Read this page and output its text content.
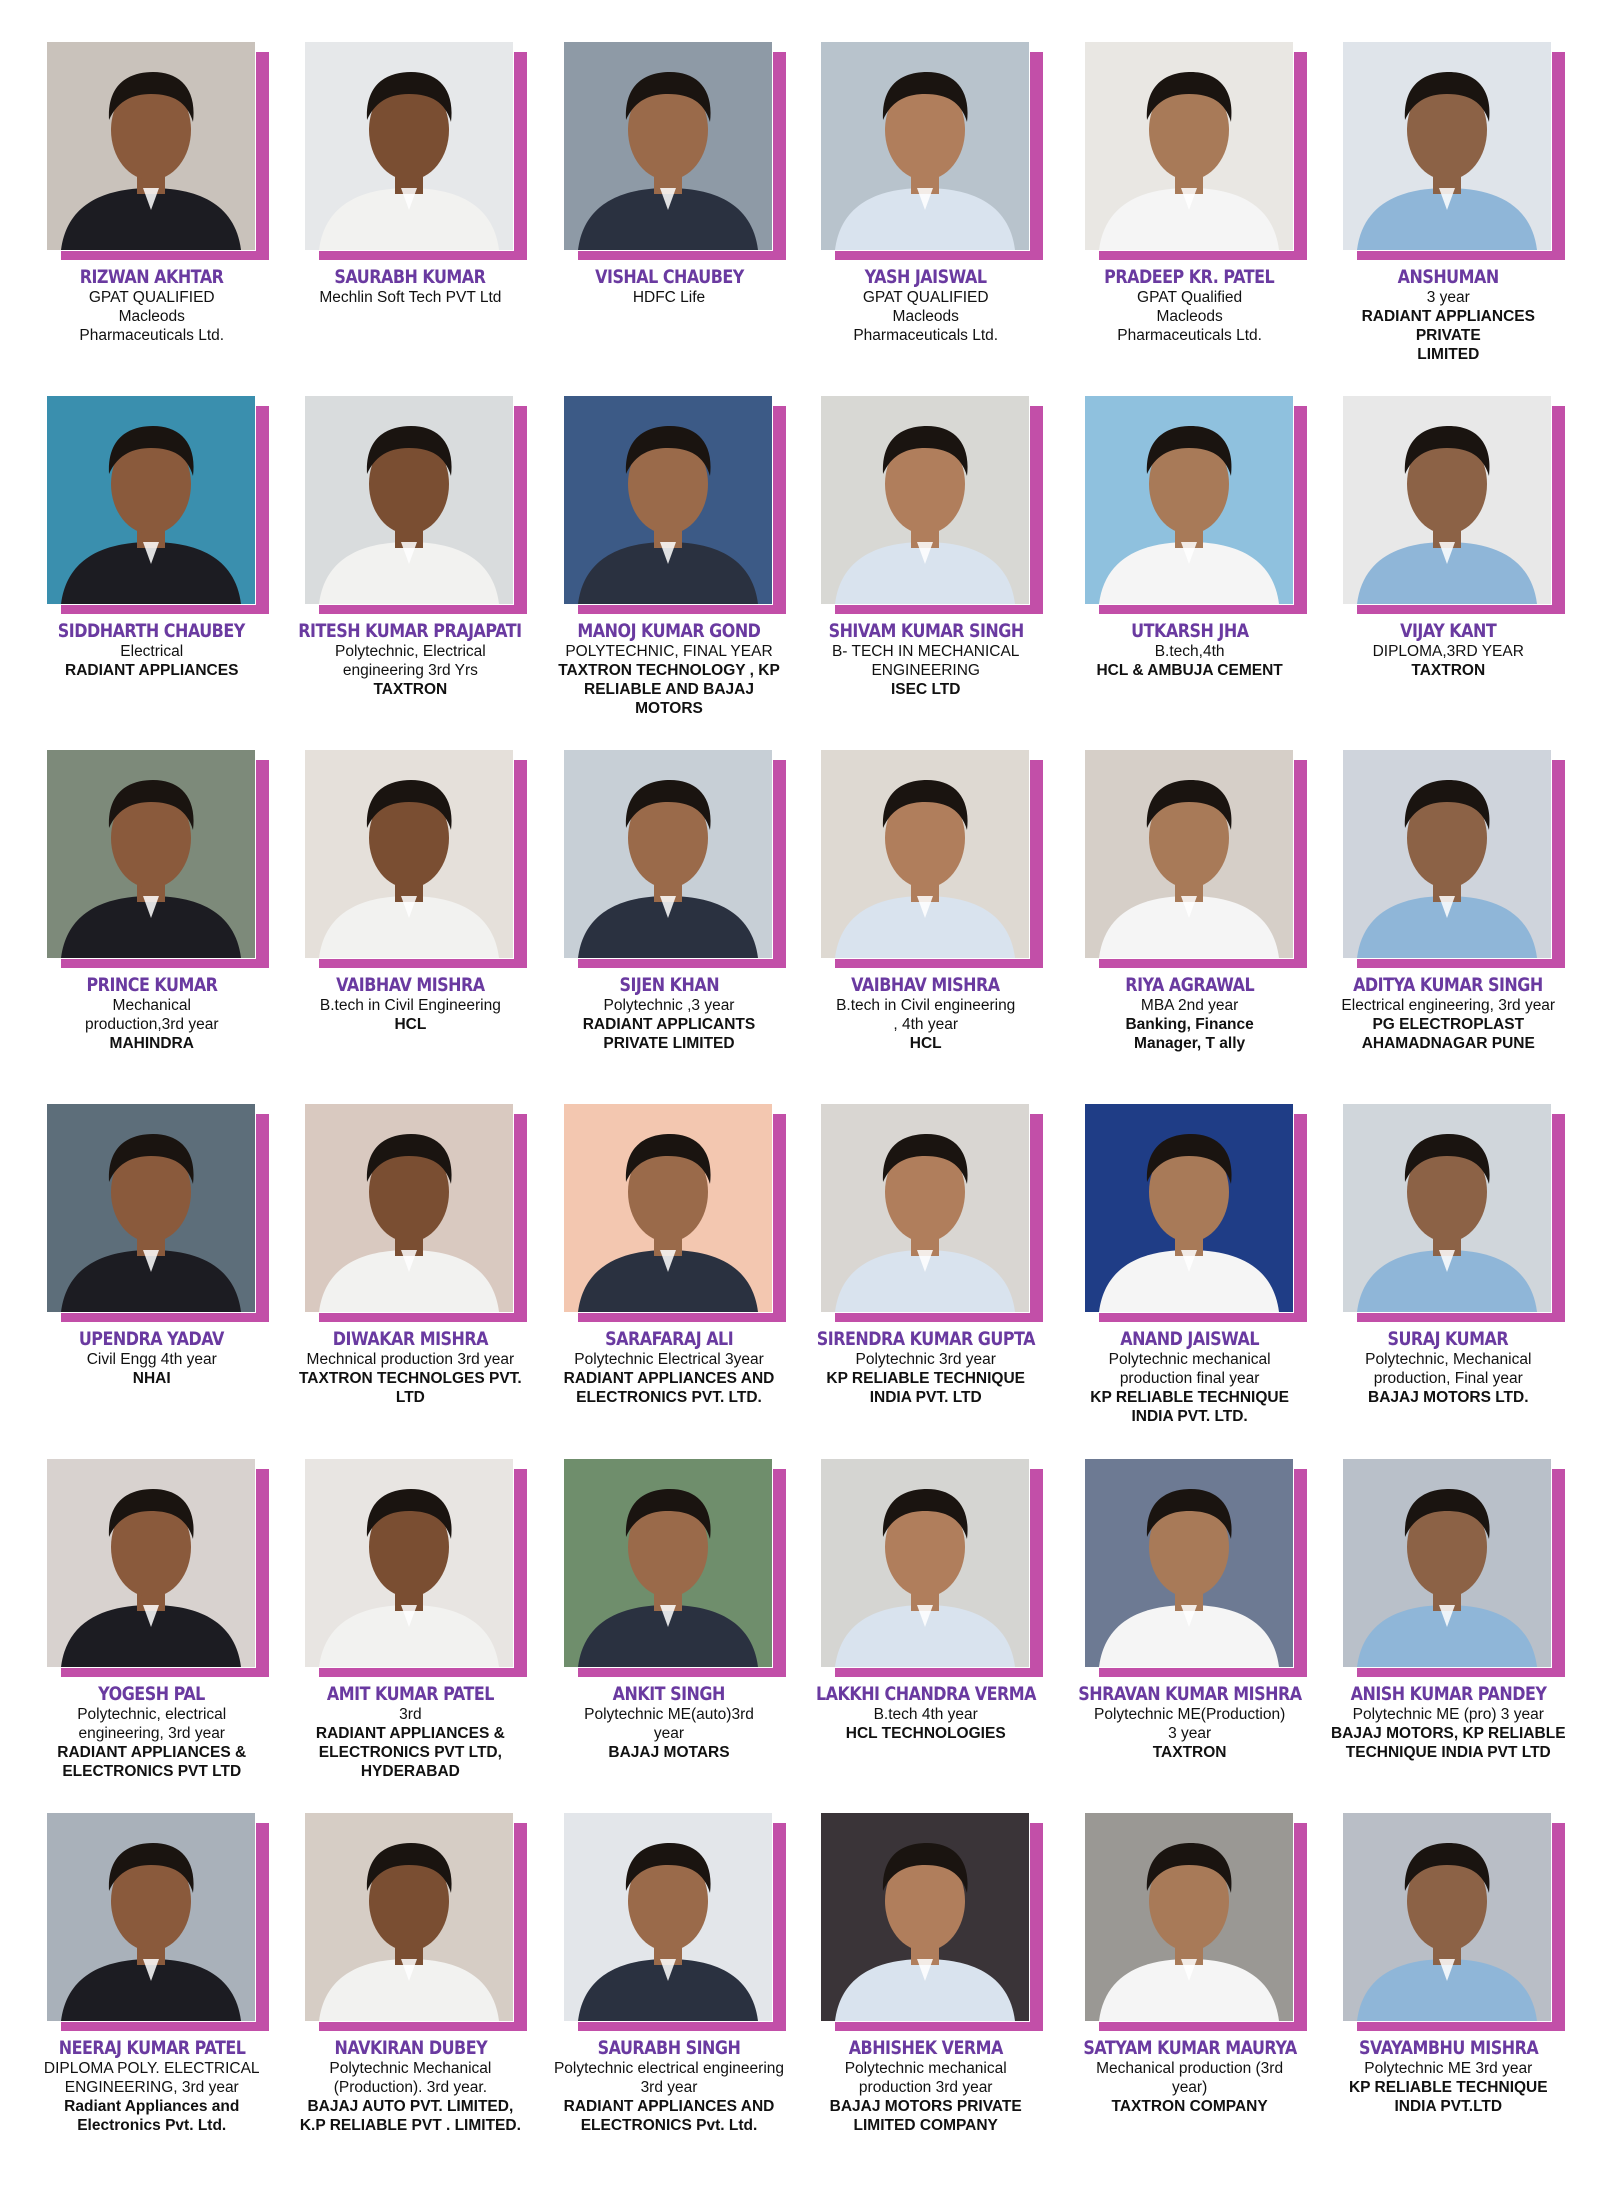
RIZWAN AKHTAR
GPAT QUALIFIED
Macleods
Pharmaceuticals Ltd.
SAURABH KUMAR
Mechlin Soft Tech PVT Ltd
VISHAL CHAUBEY
HDFC Life
YASH JAISWAL
GPAT QUALIFIED
Macleods
Pharmaceuticals Ltd.
PRADEEP KR. PATEL
GPAT Qualified
Macleods
Pharmaceuticals Ltd.
ANSHUMAN
3 year
RADIANT APPLIANCES PRIVATE
LIMITED
SIDDHARTH CHAUBEY
Electrical
RADIANT APPLIANCES
RITESH KUMAR PRAJAPATI
Polytechnic, Electrical
engineering 3rd Yrs
TAXTRON
MANOJ KUMAR GOND
POLYTECHNIC, FINAL YEAR
TAXTRON TECHNOLOGY , KP
RELIABLE AND BAJAJ MOTORS
SHIVAM KUMAR SINGH
B- TECH IN MECHANICAL
ENGINEERING
ISEC LTD
UTKARSH JHA
B.tech,4th
HCL & AMBUJA CEMENT
VIJAY KANT
DIPLOMA,3RD YEAR
TAXTRON
PRINCE KUMAR
Mechanical
production,3rd year
MAHINDRA
VAIBHAV MISHRA
B.tech in Civil Engineering
HCL
SIJEN KHAN
Polytechnic ,3 year
RADIANT APPLICANTS
PRIVATE LIMITED
VAIBHAV MISHRA
B.tech in Civil engineering
, 4th year
HCL
RIYA AGRAWAL
MBA 2nd year
Banking, Finance
Manager, T ally
ADITYA KUMAR SINGH
Electrical engineering, 3rd year
PG ELECTROPLAST
AHAMADNAGAR PUNE
UPENDRA YADAV
Civil Engg 4th year
NHAI
DIWAKAR MISHRA
Mechnical production 3rd year
TAXTRON TECHNOLGES PVT.
LTD
SARAFARAJ ALI
Polytechnic Electrical 3year
RADIANT APPLIANCES AND
ELECTRONICS PVT. LTD.
SIRENDRA KUMAR GUPTA
Polytechnic 3rd year
KP RELIABLE TECHNIQUE
INDIA PVT. LTD
ANAND JAISWAL
Polytechnic mechanical
production final year
KP RELIABLE TECHNIQUE
INDIA PVT. LTD.
SURAJ KUMAR
Polytechnic, Mechanical
production, Final year
BAJAJ MOTORS LTD.
YOGESH PAL
Polytechnic, electrical
engineering, 3rd year
RADIANT APPLIANCES &
ELECTRONICS PVT LTD
AMIT KUMAR PATEL
3rd
RADIANT APPLIANCES &
ELECTRONICS PVT LTD,
HYDERABAD
ANKIT SINGH
Polytechnic ME(auto)3rd
year
BAJAJ MOTARS
LAKKHI CHANDRA VERMA
B.tech 4th year
HCL TECHNOLOGIES
SHRAVAN KUMAR MISHRA
Polytechnic ME(Production)
3 year
TAXTRON
ANISH KUMAR PANDEY
Polytechnic ME (pro) 3 year
BAJAJ MOTORS, KP RELIABLE
TECHNIQUE INDIA PVT LTD
NEERAJ KUMAR PATEL
DIPLOMA POLY. ELECTRICAL
ENGINEERING, 3rd year
Radiant Appliances and
Electronics Pvt. Ltd.
NAVKIRAN DUBEY
Polytechnic Mechanical
(Production). 3rd year.
BAJAJ AUTO PVT. LIMITED,
K.P RELIABLE PVT . LIMITED.
SAURABH SINGH
Polytechnic electrical engineering
3rd year
RADIANT APPLIANCES AND
ELECTRONICS Pvt. Ltd.
ABHISHEK VERMA
Polytechnic mechanical
production 3rd year
BAJAJ MOTORS PRIVATE
LIMITED COMPANY
SATYAM KUMAR MAURYA
Mechanical production (3rd
year)
TAXTRON COMPANY
SVAYAMBHU MISHRA
Polytechnic ME 3rd year
KP RELIABLE TECHNIQUE
INDIA PVT.LTD
